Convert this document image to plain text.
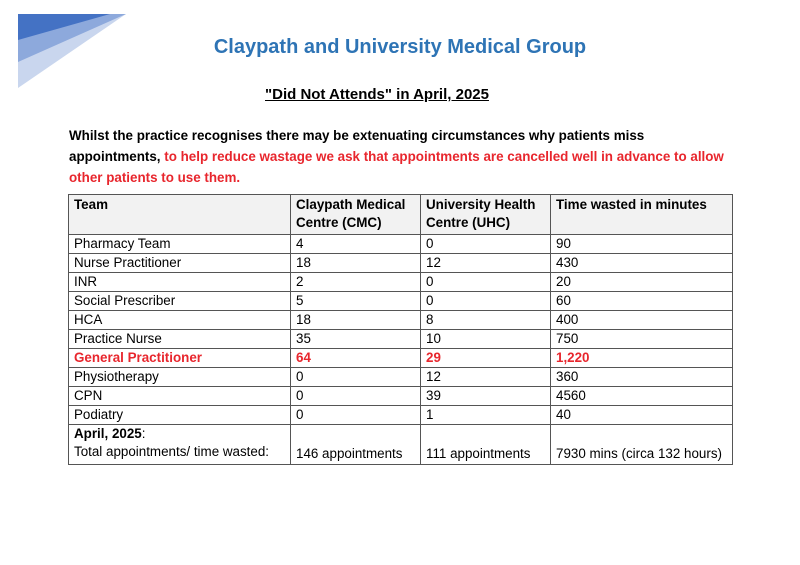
Claypath and University Medical Group
"Did Not Attends" in April, 2025

Whilst the practice recognises there may be extenuating circumstances why patients miss appointments, to help reduce wastage we ask that appointments are cancelled well in advance to allow other patients to use them.

Team	Claypath Medical Centre (CMC)	University Health Centre (UHC)	Time wasted in minutes
Pharmacy Team	4	0	90
Nurse Practitioner	18	12	430
INR	2	0	20
Social Prescriber	5	0	60
HCA	18	8	400
Practice Nurse	35	10	750
General Practitioner	64	29	1,220
Physiotherapy	0	12	360
CPN	0	39	4560
Podiatry	0	1	40
April, 2025:
Total appointments/ time wasted:	146 appointments	111 appointments	7930 mins (circa 132 hours)
